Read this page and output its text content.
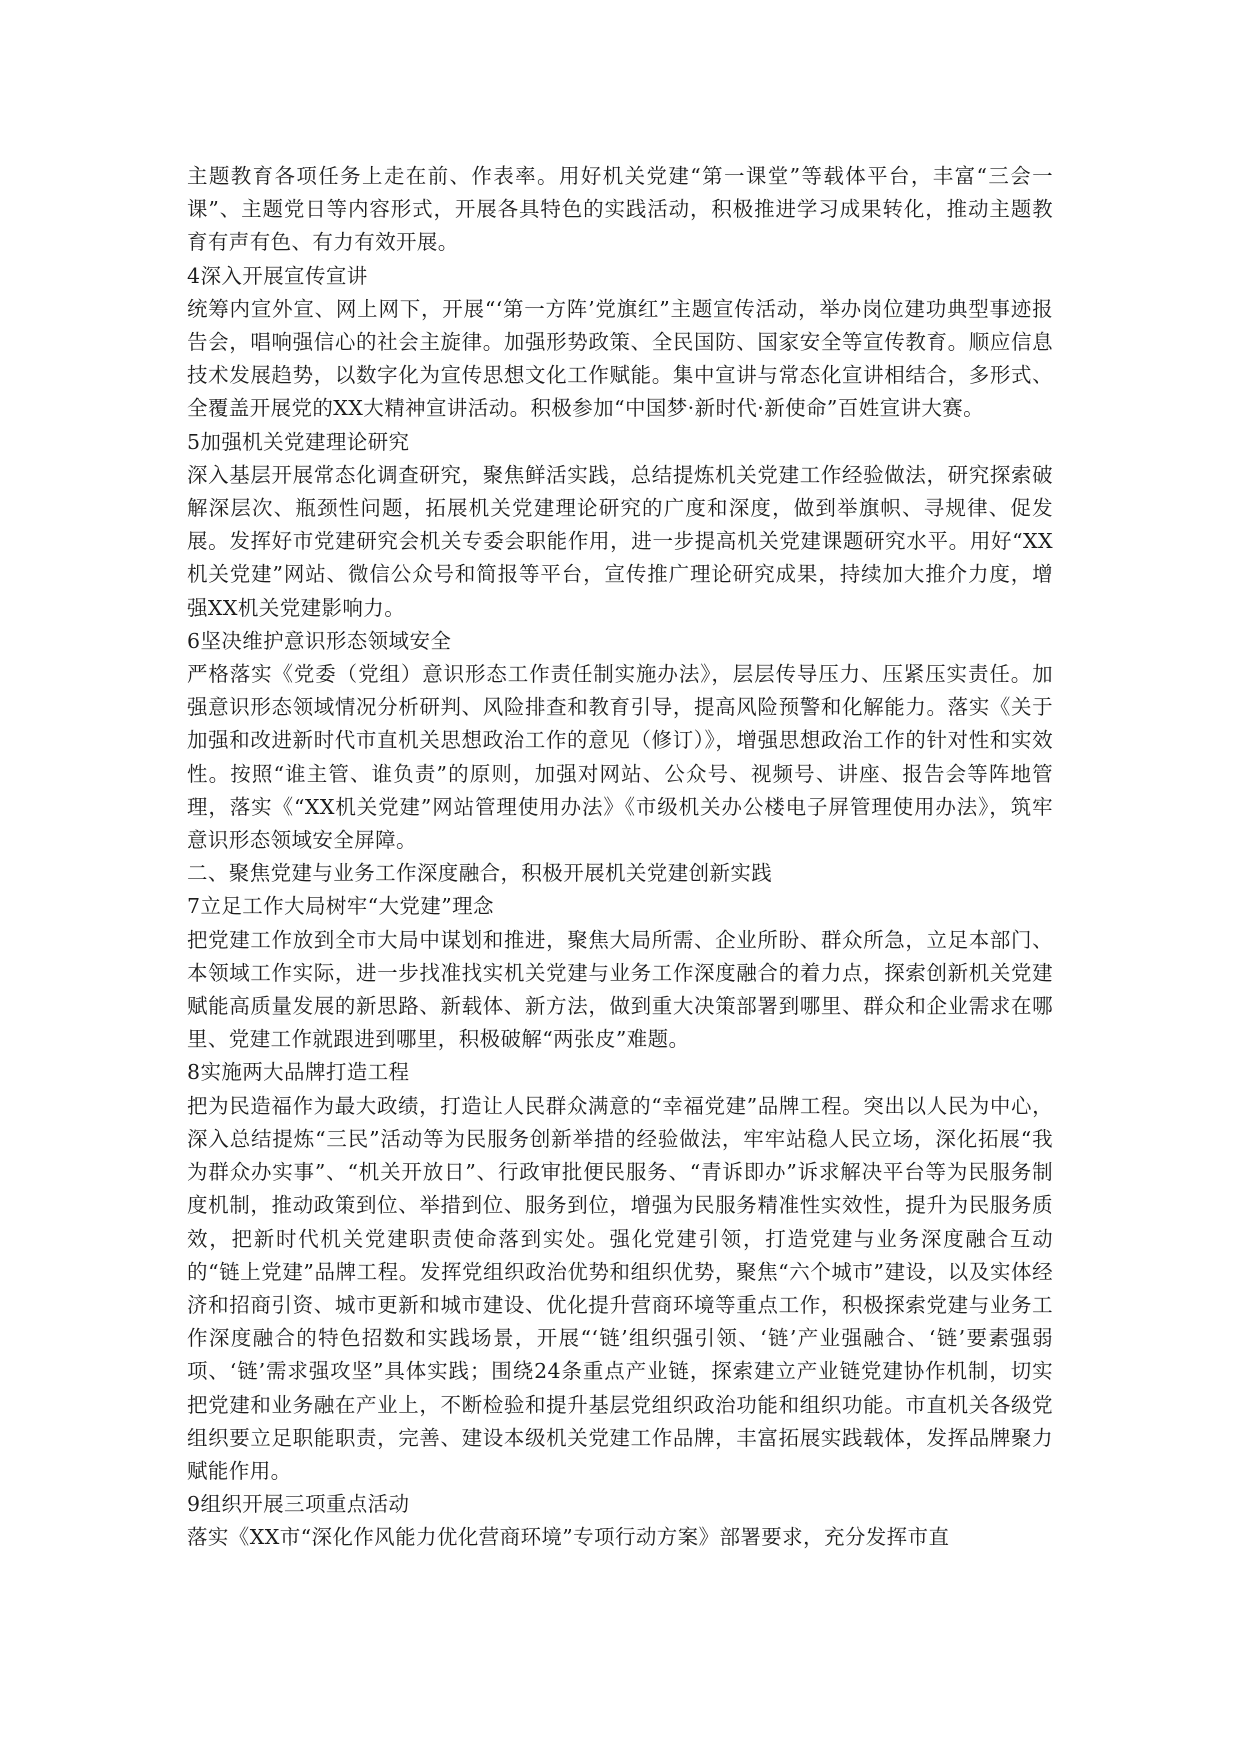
主题教育各项任务上走在前、作表率。用好机关党建“第一课堂”等载体平台，丰富“三会一课”、主题党日等内容形式，开展各具特色的实践活动，积极推进学习成果转化，推动主题教育有声有色、有力有效开展。

4深入开展宣传宣讲

统筹内宣外宣、网上网下，开展“‘第一方阵’党旗红”主题宣传活动，举办岗位建功典型事迹报告会，唱响强信心的社会主旋律。加强形势政策、全民国防、国家安全等宣传教育。顺应信息技术发展趋势，以数字化为宣传思想文化工作赋能。集中宣讲与常态化宣讲相结合，多形式、全覆盖开展党的XX大精神宣讲活动。积极参加“中国梦·新时代·新使命”百姓宣讲大赛。

5加强机关党建理论研究

深入基层开展常态化调查研究，聚焦鲜活实践，总结提炼机关党建工作经验做法，研究探索破解深层次、瓶颈性问题，拓展机关党建理论研究的广度和深度，做到举旗帜、寻规律、促发展。发挥好市党建研究会机关专委会职能作用，进一步提高机关党建课题研究水平。用好“XX机关党建”网站、微信公众号和简报等平台，宣传推广理论研究成果，持续加大推介力度，增强XX机关党建影响力。

6坚决维护意识形态领域安全

严格落实《党委（党组）意识形态工作责任制实施办法》，层层传导压力、压紧压实责任。加强意识形态领域情况分析研判、风险排查和教育引导，提高风险预警和化解能力。落实《关于加强和改进新时代市直机关思想政治工作的意见（修订）》，增强思想政治工作的针对性和实效性。按照“谁主管、谁负责”的原则，加强对网站、公众号、视频号、讲座、报告会等阵地管理，落实《“XX机关党建”网站管理使用办法》《市级机关办公楼电子屏管理使用办法》，筑牢意识形态领域安全屏障。

二、聚焦党建与业务工作深度融合，积极开展机关党建创新实践

7立足工作大局树牢“大党建”理念

把党建工作放到全市大局中谋划和推进，聚焦大局所需、企业所盼、群众所急，立足本部门、本领域工作实际，进一步找准找实机关党建与业务工作深度融合的着力点，探索创新机关党建赋能高质量发展的新思路、新载体、新方法，做到重大决策部署到哪里、群众和企业需求在哪里、党建工作就跟进到哪里，积极破解“两张皮”难题。

8实施两大品牌打造工程

把为民造福作为最大政绩，打造让人民群众满意的“幸福党建”品牌工程。突出以人民为中心，深入总结提炼“三民”活动等为民服务创新举措的经验做法，牢牢站稳人民立场，深化拓展“我为群众办实事”、“机关开放日”、行政审批便民服务、“青诉即办”诉求解决平台等为民服务制度机制，推动政策到位、举措到位、服务到位，增强为民服务精准性实效性，提升为民服务质效，把新时代机关党建职责使命落到实处。强化党建引领，打造党建与业务深度融合互动的“链上党建”品牌工程。发挥党组织政治优势和组织优势，聚焦“六个城市”建设，以及实体经济和招商引资、城市更新和城市建设、优化提升营商环境等重点工作，积极探索党建与业务工作深度融合的特色招数和实践场景，开展“‘链’组织强引领、‘链’产业强融合、‘链’要素强弱项、‘链’需求强攻坚”具体实践；围绕24条重点产业链，探索建立产业链党建协作机制，切实把党建和业务融在产业上，不断检验和提升基层党组织政治功能和组织功能。市直机关各级党组织要立足职能职责，完善、建设本级机关党建工作品牌，丰富拓展实践载体，发挥品牌聚力赋能作用。

9组织开展三项重点活动

落实《XX市“深化作风能力优化营商环境”专项行动方案》部署要求，充分发挥市直
